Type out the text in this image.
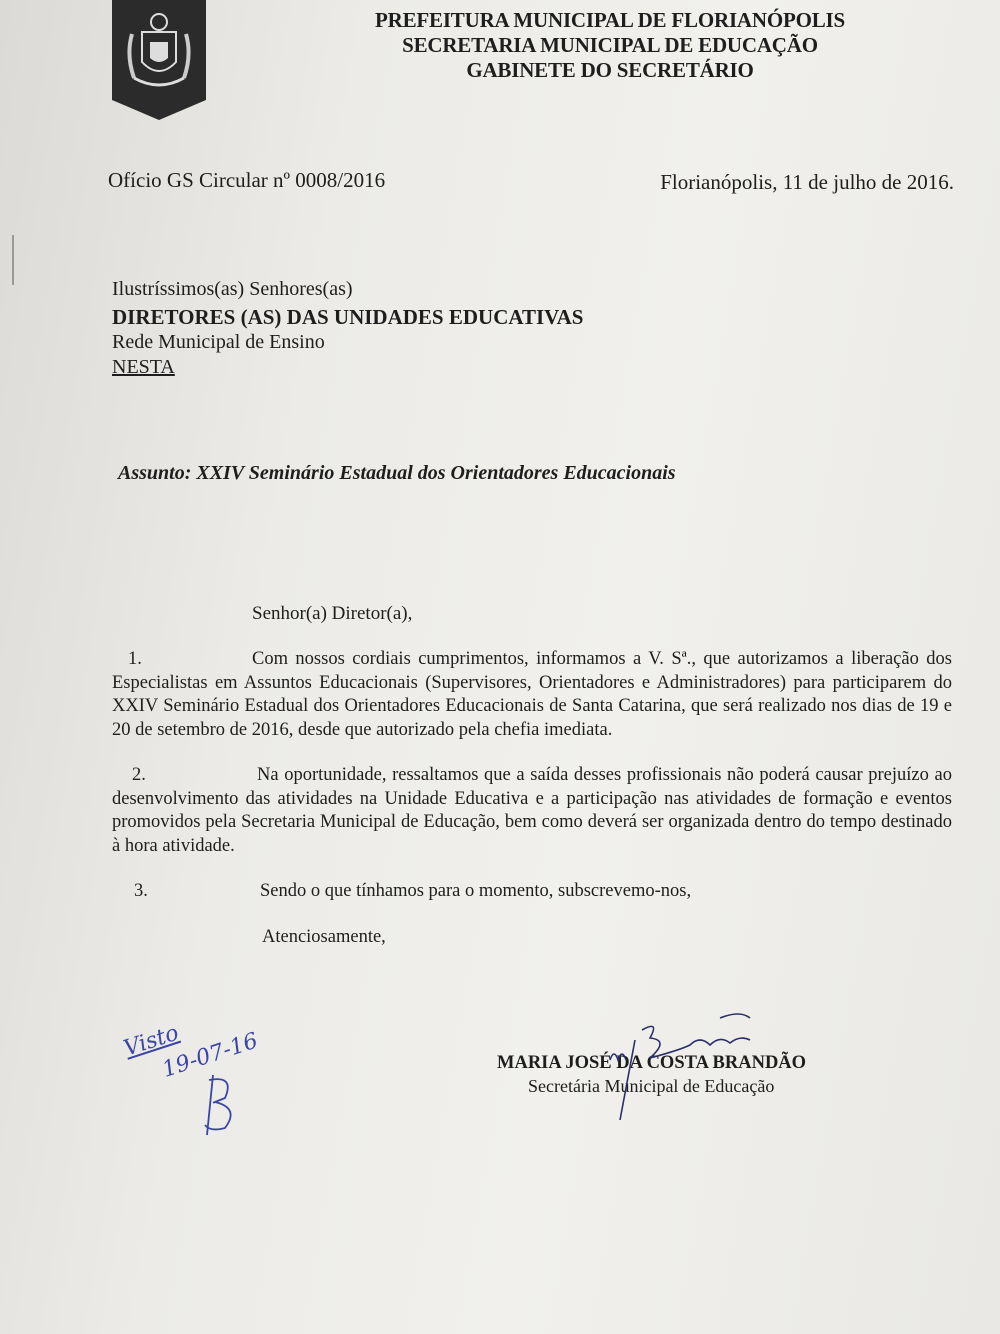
PREFEITURA MUNICIPAL DE FLORIANÓPOLIS
SECRETARIA MUNICIPAL DE EDUCAÇÃO
GABINETE DO SECRETÁRIO
Ofício GS Circular nº 0008/2016	Florianópolis, 11 de julho de 2016.
Ilustríssimos(as) Senhores(as)
DIRETORES (AS) DAS UNIDADES EDUCATIVAS
Rede Municipal de Ensino
NESTA
Assunto: XXIV Seminário Estadual dos Orientadores Educacionais
Senhor(a) Diretor(a),
1.	Com nossos cordiais cumprimentos, informamos a V. Sª., que autorizamos a liberação dos Especialistas em Assuntos Educacionais (Supervisores, Orientadores e Administradores) para participarem do XXIV Seminário Estadual dos Orientadores Educacionais de Santa Catarina, que será realizado nos dias de 19 e 20 de setembro de 2016, desde que autorizado pela chefia imediata.
2.	Na oportunidade, ressaltamos que a saída desses profissionais não poderá causar prejuízo ao desenvolvimento das atividades na Unidade Educativa e a participação nas atividades de formação e eventos promovidos pela Secretaria Municipal de Educação, bem como deverá ser organizada dentro do tempo destinado à hora atividade.
3.	Sendo o que tínhamos para o momento, subscrevemo-nos,
Atenciosamente,
Visto
19-07-16	MARIA JOSÉ DA COSTA BRANDÃO
Secretária Municipal de Educação
